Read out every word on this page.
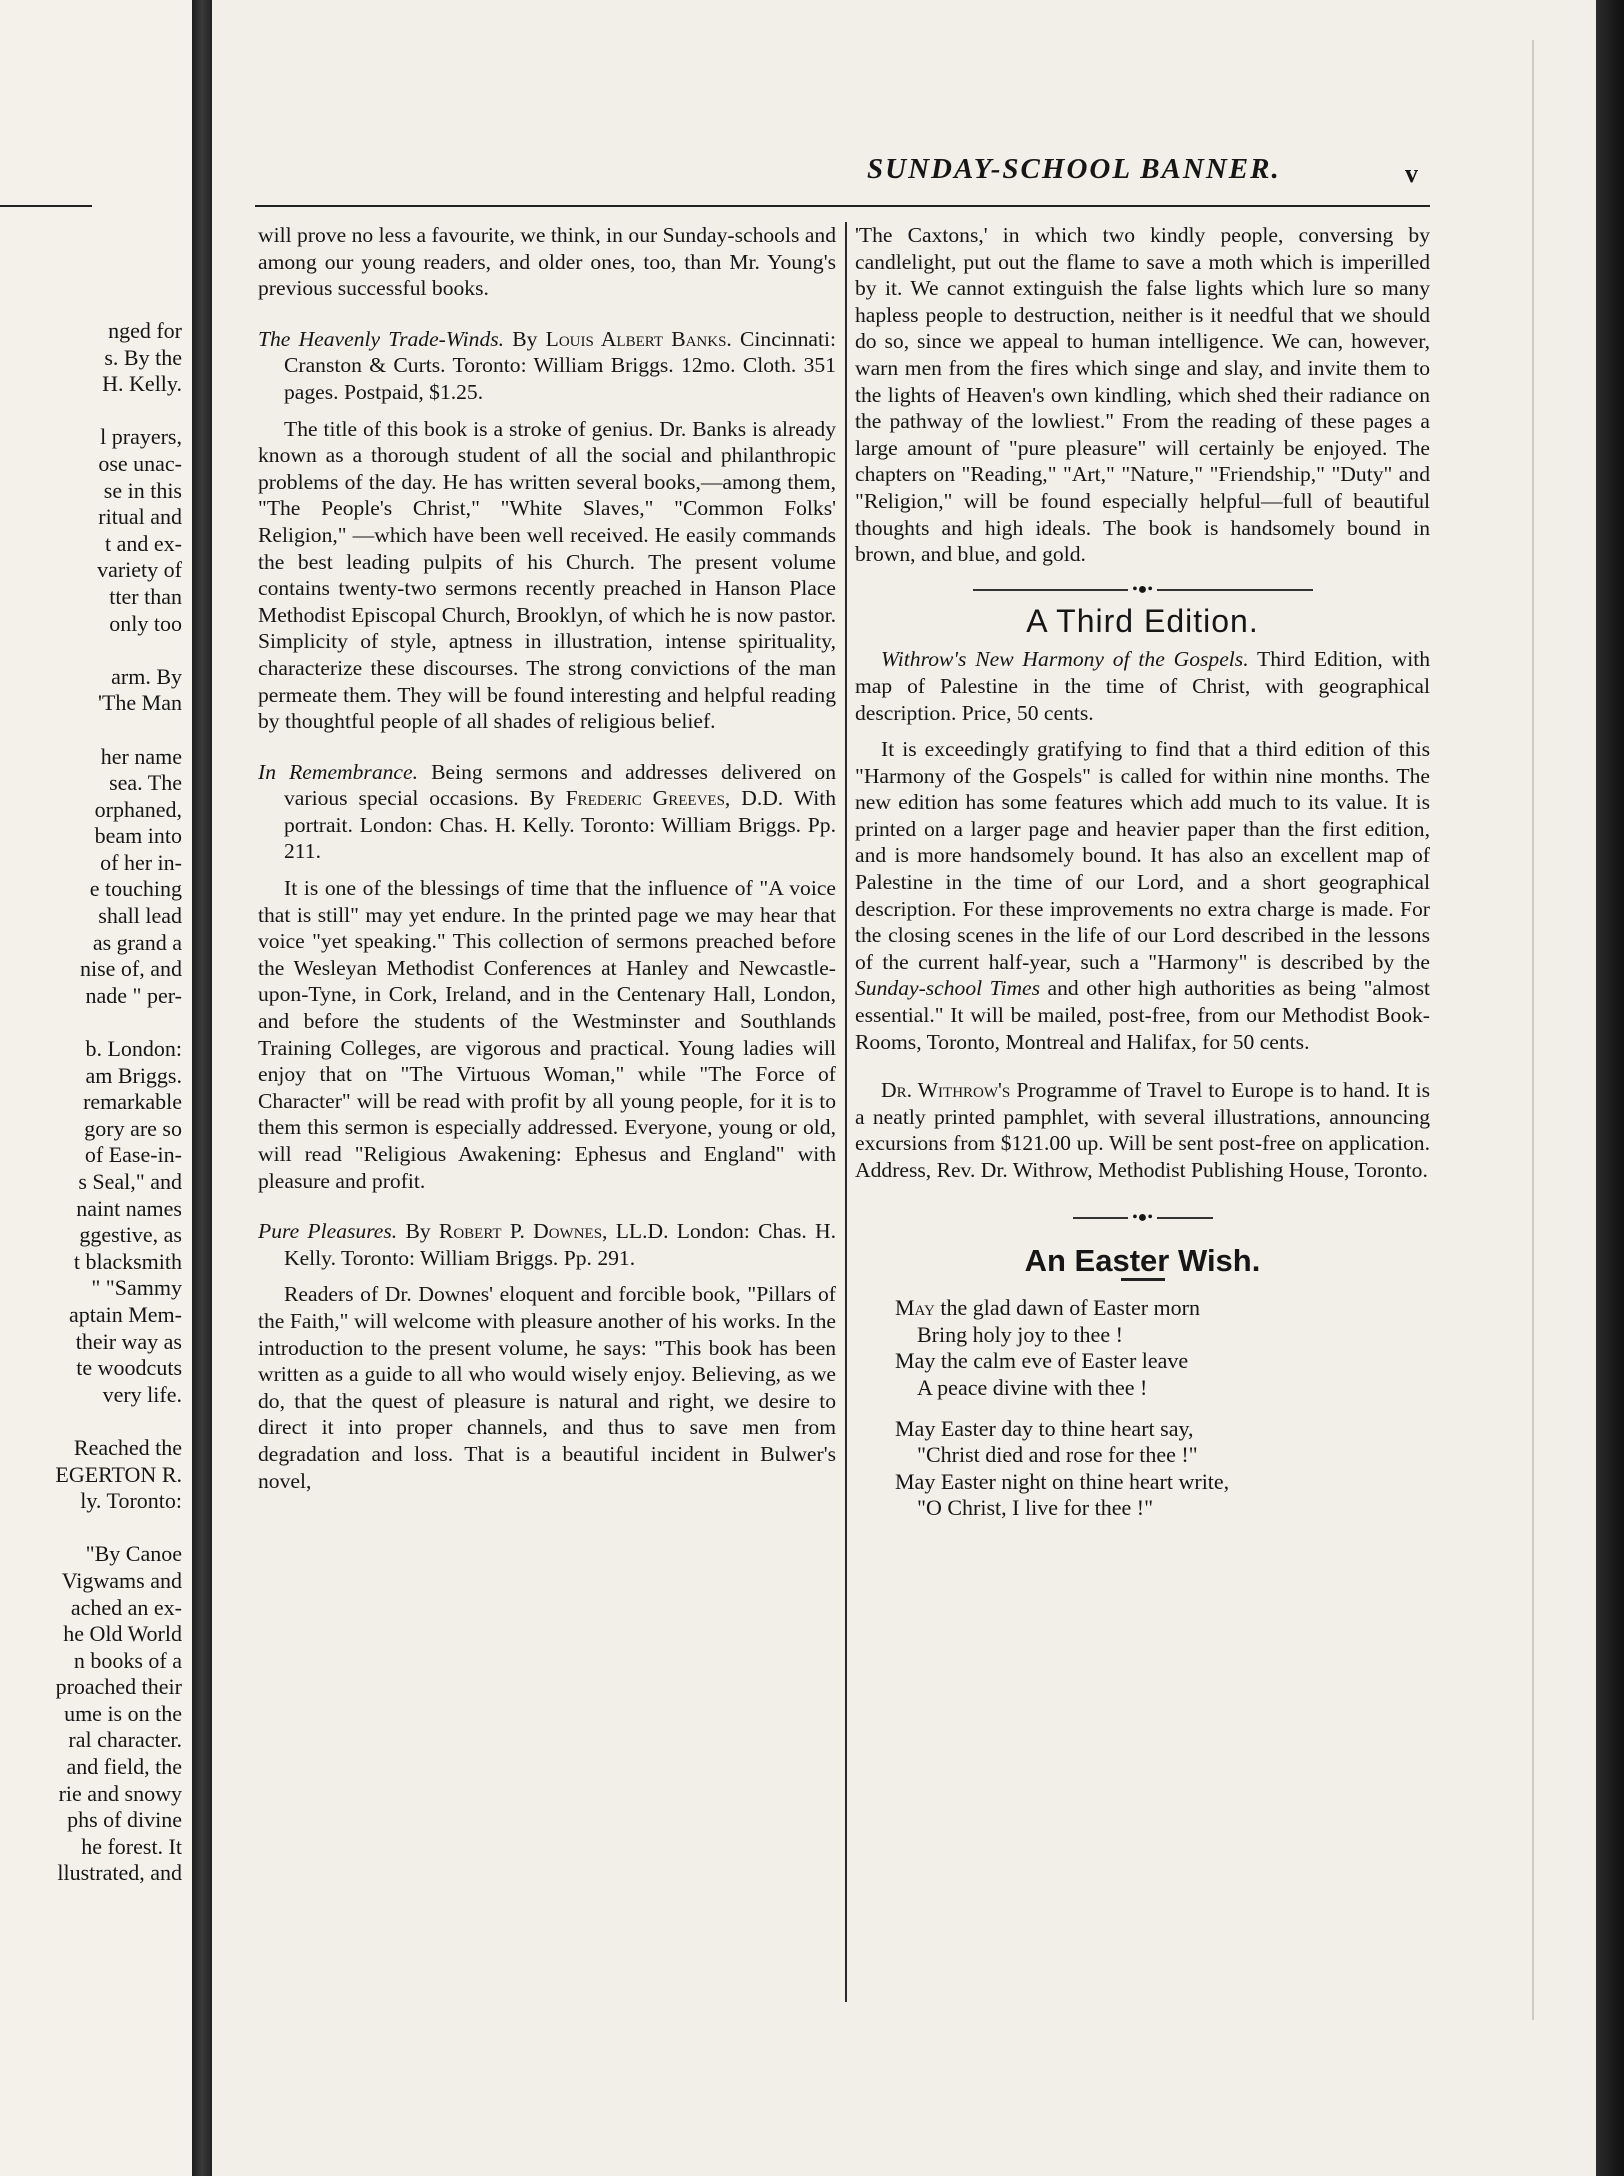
nged for
s. By the
H. Kelly.
l prayers,
ose unac-
se in this
ritual and
t and ex-
variety of
tter than
only too
arm. By
'The Man
her name
sea. The
orphaned,
beam into
of her in-
e touching
shall lead
as grand a
nise of, and
nade " per-
b. London:
am Briggs.
remarkable
gory are so
of Ease-in-
s Seal," and
naint names
ggestive, as
t blacksmith
" "Sammy
aptain Mem-
their way as
te woodcuts
very life.
Reached the
EGERTON R.
ly. Toronto:
"By Canoe
Vigwams and
ached an ex-
he Old World
n books of a
proached their
ume is on the
ral character.
and field, the
rie and snowy
phs of divine
he forest. It
llustrated, and
SUNDAY-SCHOOL BANNER.	v

will prove no less a favourite, we think, in our Sunday-schools and among our young readers, and older ones, too, than Mr. Young's previous successful books.

The Heavenly Trade-Winds. By Louis Albert Banks. Cincinnati: Cranston & Curts. Toronto: William Briggs. 12mo. Cloth. 351 pages. Postpaid, $1.25.

The title of this book is a stroke of genius. Dr. Banks is already known as a thorough student of all the social and philanthropic problems of the day. He has written several books,—among them, "The People's Christ," "White Slaves," "Common Folks' Religion," —which have been well received. He easily commands the best leading pulpits of his Church. The present volume contains twenty-two sermons recently preached in Hanson Place Methodist Episcopal Church, Brooklyn, of which he is now pastor. Simplicity of style, aptness in illustration, intense spirituality, characterize these discourses. The strong convictions of the man permeate them. They will be found interesting and helpful reading by thoughtful people of all shades of religious belief.

In Remembrance. Being sermons and addresses delivered on various special occasions. By Frederic Greeves, D.D. With portrait. London: Chas. H. Kelly. Toronto: William Briggs. Pp. 211.

It is one of the blessings of time that the influence of "A voice that is still" may yet endure. In the printed page we may hear that voice "yet speaking." This collection of sermons preached before the Wesleyan Methodist Conferences at Hanley and Newcastle-upon-Tyne, in Cork, Ireland, and in the Centenary Hall, London, and before the students of the Westminster and Southlands Training Colleges, are vigorous and practical. Young ladies will enjoy that on "The Virtuous Woman," while "The Force of Character" will be read with profit by all young people, for it is to them this sermon is especially addressed. Everyone, young or old, will read "Religious Awakening: Ephesus and England" with pleasure and profit.

Pure Pleasures. By Robert P. Downes, LL.D. London: Chas. H. Kelly. Toronto: William Briggs. Pp. 291.

Readers of Dr. Downes' eloquent and forcible book, "Pillars of the Faith," will welcome with pleasure another of his works. In the introduction to the present volume, he says: "This book has been written as a guide to all who would wisely enjoy. Believing, as we do, that the quest of pleasure is natural and right, we desire to direct it into proper channels, and thus to save men from degradation and loss. That is a beautiful incident in Bulwer's novel,

'The Caxtons,' in which two kindly people, conversing by candlelight, put out the flame to save a moth which is imperilled by it. We cannot extinguish the false lights which lure so many hapless people to destruction, neither is it needful that we should do so, since we appeal to human intelligence. We can, however, warn men from the fires which singe and slay, and invite them to the lights of Heaven's own kindling, which shed their radiance on the pathway of the lowliest." From the reading of these pages a large amount of "pure pleasure" will certainly be enjoyed. The chapters on "Reading," "Art," "Nature," "Friendship," "Duty" and "Religion," will be found especially helpful—full of beautiful thoughts and high ideals. The book is handsomely bound in brown, and blue, and gold.

•●•
A Third Edition.

Withrow's New Harmony of the Gospels. Third Edition, with map of Palestine in the time of Christ, with geographical description. Price, 50 cents.

It is exceedingly gratifying to find that a third edition of this "Harmony of the Gospels" is called for within nine months. The new edition has some features which add much to its value. It is printed on a larger page and heavier paper than the first edition, and is more handsomely bound. It has also an excellent map of Palestine in the time of our Lord, and a short geographical description. For these improvements no extra charge is made. For the closing scenes in the life of our Lord described in the lessons of the current half-year, such a "Harmony" is described by the Sunday-school Times and other high authorities as being "almost essential." It will be mailed, post-free, from our Methodist Book-Rooms, Toronto, Montreal and Halifax, for 50 cents.

Dr. Withrow's Programme of Travel to Europe is to hand. It is a neatly printed pamphlet, with several illustrations, announcing excursions from $121.00 up. Will be sent post-free on application. Address, Rev. Dr. Withrow, Methodist Publishing House, Toronto.

•●•
An Easter Wish.
May the glad dawn of Easter morn
Bring holy joy to thee !
May the calm eve of Easter leave
A peace divine with thee !
May Easter day to thine heart say,
"Christ died and rose for thee !"
May Easter night on thine heart write,
"O Christ, I live for thee !"
